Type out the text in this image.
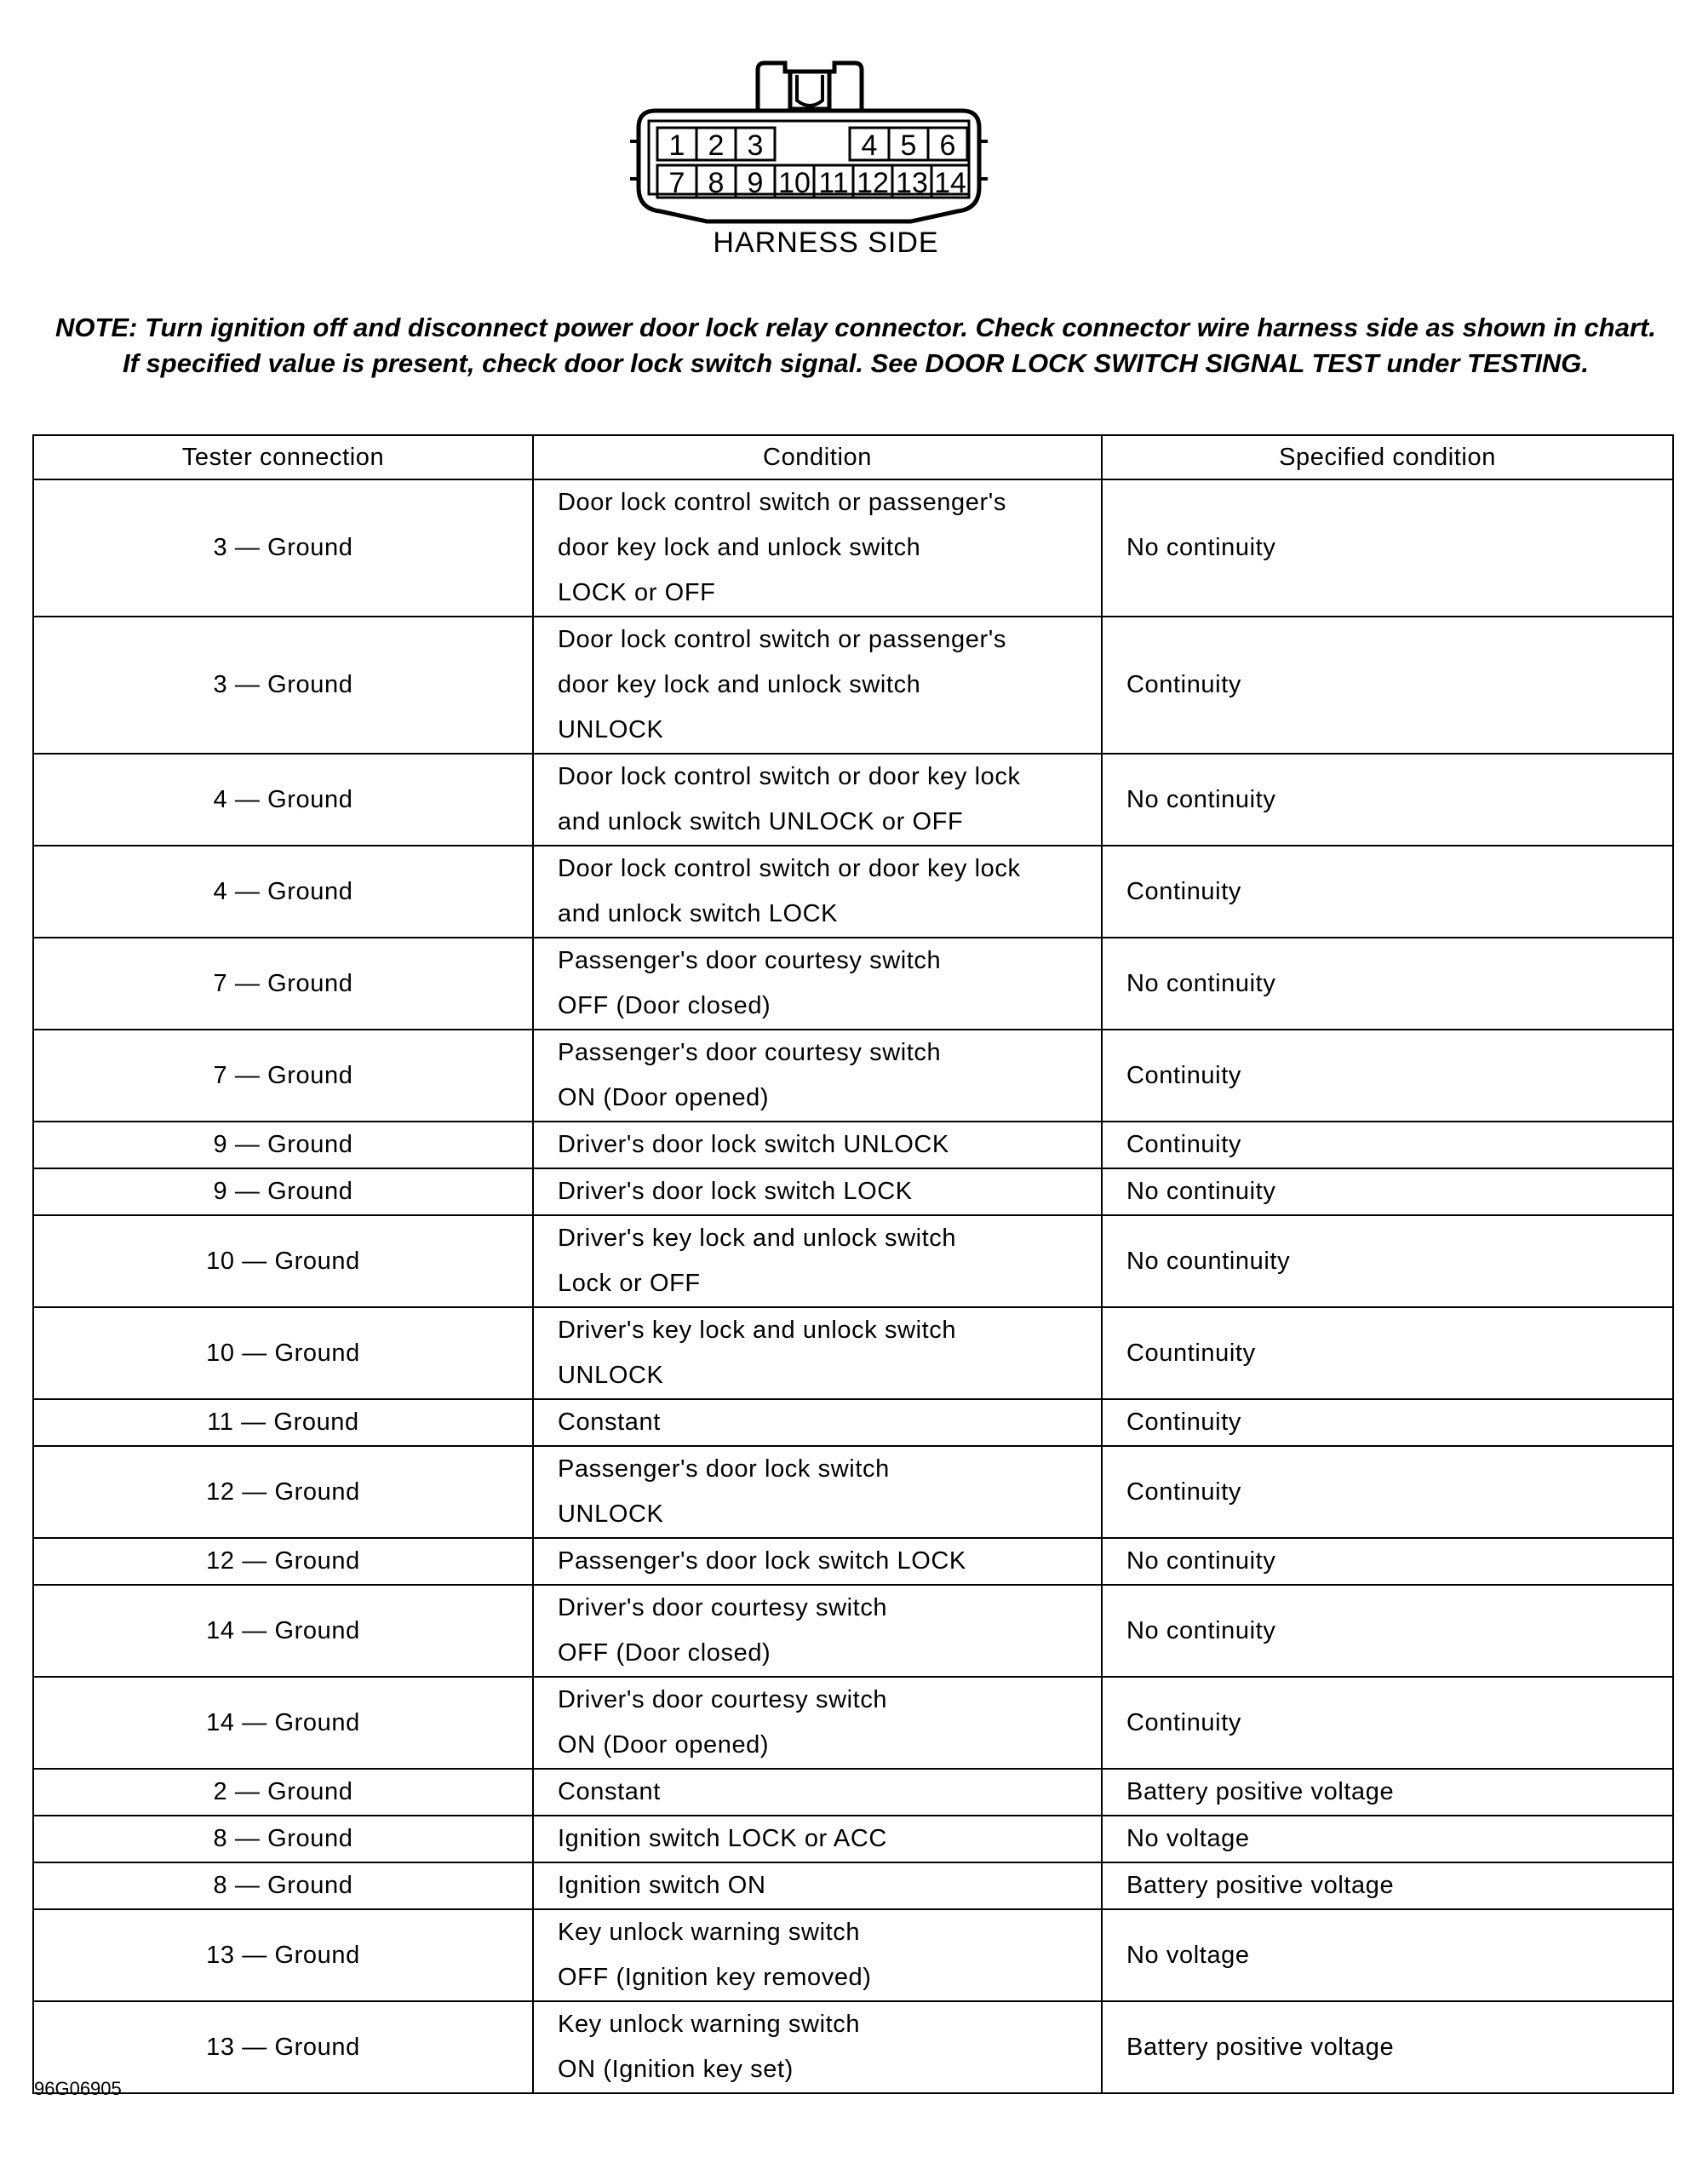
1 2 3	4 5 6
7 8 9 10 11 12 13 14
HARNESS SIDE
NOTE: Turn ignition off and disconnect power door lock relay connector. Check connector wire harness side as shown in chart.
If specified value is present, check door lock switch signal. See DOOR LOCK SWITCH SIGNAL TEST under TESTING.
Tester connection	Condition	Specified condition
3 — Ground	Door lock control switch or passenger's
door key lock and unlock switch
LOCK or OFF	No continuity
3 — Ground	Door lock control switch or passenger's
door key lock and unlock switch
UNLOCK	Continuity
4 — Ground	Door lock control switch or door key lock
and unlock switch UNLOCK or OFF	No continuity
4 — Ground	Door lock control switch or door key lock
and unlock switch LOCK	Continuity
7 — Ground	Passenger's door courtesy switch
OFF (Door closed)	No continuity
7 — Ground	Passenger's door courtesy switch
ON (Door opened)	Continuity
9 — Ground	Driver's door lock switch UNLOCK	Continuity
9 — Ground	Driver's door lock switch LOCK	No continuity
10 — Ground	Driver's key lock and unlock switch
Lock or OFF	No countinuity
10 — Ground	Driver's key lock and unlock switch
UNLOCK	Countinuity
11 — Ground	Constant	Continuity
12 — Ground	Passenger's door lock switch
UNLOCK	Continuity
12 — Ground	Passenger's door lock switch LOCK	No continuity
14 — Ground	Driver's door courtesy switch
OFF (Door closed)	No continuity
14 — Ground	Driver's door courtesy switch
ON (Door opened)	Continuity
2 — Ground	Constant	Battery positive voltage
8 — Ground	Ignition switch LOCK or ACC	No voltage
8 — Ground	Ignition switch ON	Battery positive voltage
13 — Ground	Key unlock warning switch
OFF (Ignition key removed)	No voltage
13 — Ground	Key unlock warning switch
ON (Ignition key set)	Battery positive voltage
96G06905
